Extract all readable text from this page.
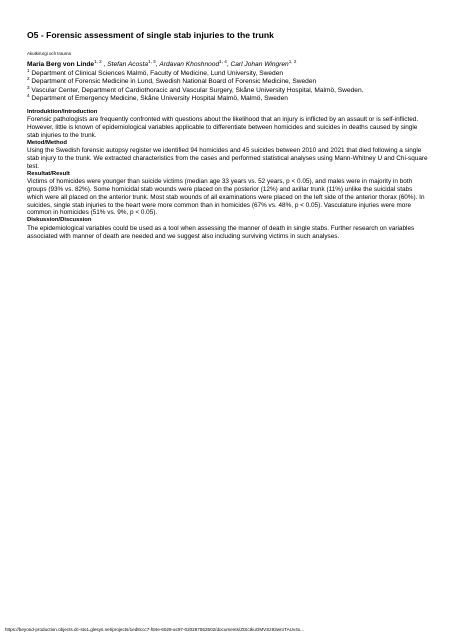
O5 - Forensic assessment of single stab injuries to the trunk

Akutkirurgi och trauma

Maria Berg von Linde$^{1, 2}$ , Stefan Acosta$^{1, 3}$, Ardavan Khoshnood$^{1, 4}$, Carl Johan Wingren$^{1, 2}$

$^1$ Department of Clinical Sciences Malmö, Faculty of Medicine, Lund University, Sweden

$^2$ Department of Forensic Medicine in Lund, Swedish National Board of Forensic Medicine, Sweden

$^3$ Vascular Center, Department of Cardiothoracic and Vascular Surgery, Skåne University Hospital, Malmö, Sweden.

$^4$ Department of Emergency Medicine, Skåne University Hospital Malmö, Malmö, Sweden

Introduktion/Introduction

Forensic pathologists are frequently confronted with questions about the likelihood that an injury is inflicted by an assault or is self-inflicted. However, little is known of epidemiological variables applicable to differentiate between homicides and suicides in deaths caused by single stab injuries to the trunk.

Metod/Method

Using the Swedish forensic autopsy register we identified 94 homicides and 45 suicides between 2010 and 2021 that died following a single stab injury to the trunk. We extracted characteristics from the cases and performed statistical analyses using Mann-Whitney U and Chi-square test.

Resultat/Result

Victims of homicides were younger than suicide victims (median age 33 years vs. 52 years, p < 0.05), and males were in majority in both groups (93% vs. 82%). Some homicidal stab wounds were placed on the posterior (12%) and axillar trunk (11%) unlike the suicidal stabs which were all placed on the anterior trunk. Most stab wounds of all examinations were placed on the left side of the anterior thorax (60%). In suicides, single stab injuries to the heart were more common than in homicides (67% vs. 48%, p < 0.05). Vasculature injuries were more common in homicides (51% vs. 9%, p < 0.05).

Diskussion/Discussion

The epidemiological variables could be used as a tool when assessing the manner of death in single stabs. Further research on variables associated with manner of death are needed and we suggest also including surviving victims in such analyses.

https://beyond-production.objects.dc-sto1.glesys.net/projects/1ed8ccc7-f84e-6028-ac97-020287552602/documents/ZtScIkuOMVSz83wroTAUv4x...
